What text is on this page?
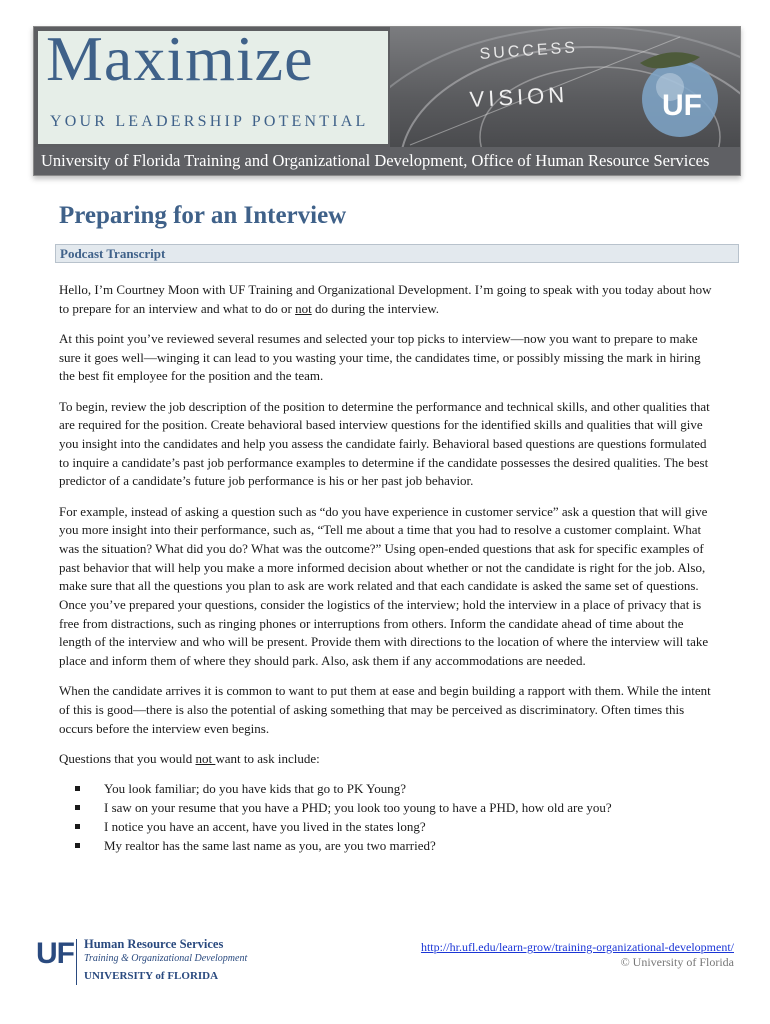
Maximize
YOUR LEADERSHIP POTENTIAL
SUCCESS
VISION	UF
University of Florida Training and Organizational Development, Office of Human Resource Services
Preparing for an Interview
Podcast Transcript

Hello, I’m Courtney Moon with UF Training and Organizational Development. I’m going to speak with you today about how to prepare for an interview and what to do or not do during the interview.

At this point you’ve reviewed several resumes and selected your top picks to interview—now you want to prepare to make sure it goes well—winging it can lead to you wasting your time, the candidates time, or possibly missing the mark in hiring the best fit employee for the position and the team.

To begin, review the job description of the position to determine the performance and technical skills, and other qualities that are required for the position. Create behavioral based interview questions for the identified skills and qualities that will give you insight into the candidates and help you assess the candidate fairly. Behavioral based questions are questions formulated to inquire a candidate’s past job performance examples to determine if the candidate possesses the desired qualities. The best predictor of a candidate’s future job performance is his or her past job behavior.

For example, instead of asking a question such as “do you have experience in customer service” ask a question that will give you more insight into their performance, such as, “Tell me about a time that you had to resolve a customer complaint. What was the situation? What did you do? What was the outcome?” Using open-ended questions that ask for specific examples of past behavior that will help you make a more informed decision about whether or not the candidate is right for the job. Also, make sure that all the questions you plan to ask are work related and that each candidate is asked the same set of questions. Once you’ve prepared your questions, consider the logistics of the interview; hold the interview in a place of privacy that is free from distractions, such as ringing phones or interruptions from others. Inform the candidate ahead of time about the length of the interview and who will be present. Provide them with directions to the location of where the interview will take place and inform them of where they should park. Also, ask them if any accommodations are needed.

When the candidate arrives it is common to want to put them at ease and begin building a rapport with them. While the intent of this is good—there is also the potential of asking something that may be perceived as discriminatory. Often times this occurs before the interview even begins.

Questions that you would not want to ask include:

You look familiar; do you have kids that go to PK Young?
I saw on your resume that you have a PHD; you look too young to have a PHD, how old are you?
I notice you have an accent, have you lived in the states long?
My realtor has the same last name as you, are you two married?
UF Human Resource Services
Training & Organizational Development
UNIVERSITY of FLORIDA
http://hr.ufl.edu/learn-grow/training-organizational-development/
© University of Florida
